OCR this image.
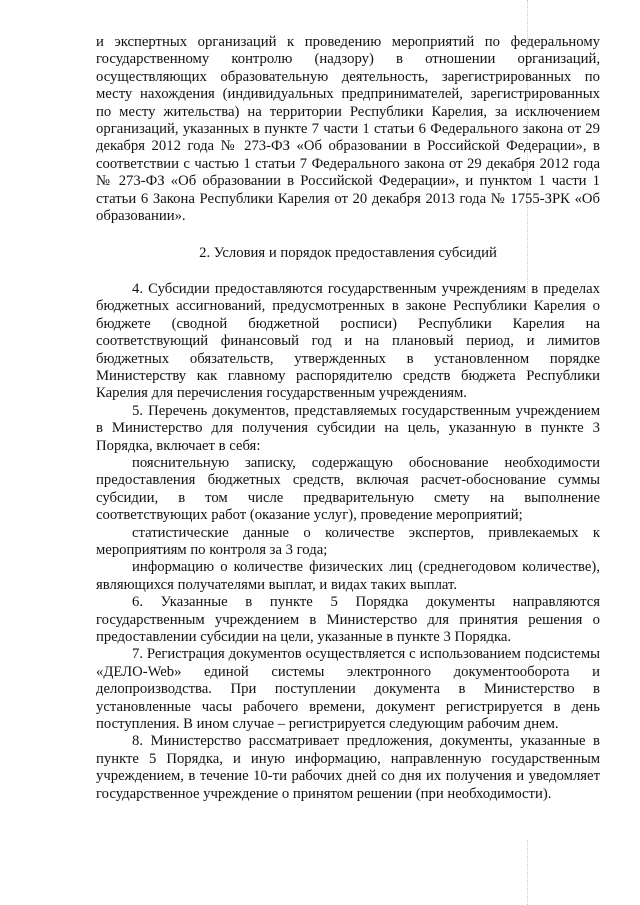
и экспертных организаций к проведению мероприятий по федеральному государственному контролю (надзору) в отношении организаций, осуществляющих образовательную деятельность, зарегистрированных по месту нахождения (индивидуальных предпринимателей, зарегистрированных по месту жительства) на территории Республики Карелия, за исключением организаций, указанных в пункте 7 части 1 статьи 6 Федерального закона от 29 декабря 2012 года № 273-ФЗ «Об образовании в Российской Федерации», в соответствии с частью 1 статьи 7 Федерального закона от 29 декабря 2012 года № 273-ФЗ «Об образовании в Российской Федерации», и пунктом 1 части 1 статьи 6 Закона Республики Карелия от 20 декабря 2013 года № 1755-ЗРК «Об образовании».

2. Условия и порядок предоставления субсидий

4. Субсидии предоставляются государственным учреждениям в пределах бюджетных ассигнований, предусмотренных в законе Республики Карелия о бюджете (сводной бюджетной росписи) Республики Карелия на соответствующий финансовый год и на плановый период, и лимитов бюджетных обязательств, утвержденных в установленном порядке Министерству как главному распорядителю средств бюджета Республики Карелия для перечисления государственным учреждениям.

5. Перечень документов, представляемых государственным учреждением в Министерство для получения субсидии на цель, указанную в пункте 3 Порядка, включает в себя:

пояснительную записку, содержащую обоснование необходимости предоставления бюджетных средств, включая расчет-обоснование суммы субсидии, в том числе предварительную смету на выполнение соответствующих работ (оказание услуг), проведение мероприятий;

статистические данные о количестве экспертов, привлекаемых к мероприятиям по контроля за 3 года;

информацию о количестве физических лиц (среднегодовом количестве), являющихся получателями выплат, и видах таких выплат.

6. Указанные в пункте 5 Порядка документы направляются государственным учреждением в Министерство для принятия решения о предоставлении субсидии на цели, указанные в пункте 3 Порядка.

7. Регистрация документов осуществляется с использованием подсистемы «ДЕЛО-Web» единой системы электронного документооборота и делопроизводства. При поступлении документа в Министерство в установленные часы рабочего времени, документ регистрируется в день поступления. В ином случае – регистрируется следующим рабочим днем.

8. Министерство рассматривает предложения, документы, указанные в пункте 5 Порядка, и иную информацию, направленную государственным учреждением, в течение 10-ти рабочих дней со дня их получения и уведомляет государственное учреждение о принятом решении (при необходимости).
